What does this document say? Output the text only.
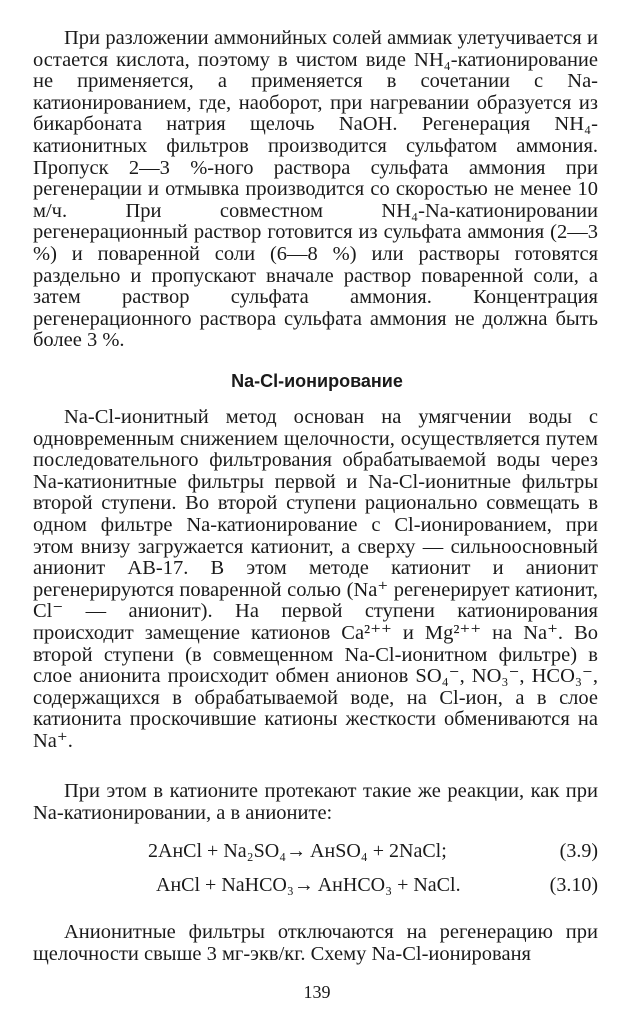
При разложении аммонийных солей аммиак улетучивается и остается кислота, поэтому в чистом виде NH₄-катионирование не применяется, а применяется в сочетании с Na-катионированием, где, наоборот, при нагревании образуется из бикарбоната натрия щелочь NaOH. Регенерация NH₄-катионитных фильтров производится сульфатом аммония. Пропуск 2—3 %-ного раствора сульфата аммония при регенерации и отмывка производится со скоростью не менее 10 м/ч. При совместном NH₄-Na-катионировании регенерационный раствор готовится из сульфата аммония (2—3 %) и поваренной соли (6—8 %) или растворы готовятся раздельно и пропускают вначале раствор поваренной соли, а затем раствор сульфата аммония. Концентрация регенерационного раствора сульфата аммония не должна быть более 3 %.

Na-Cl-ионирование

Na-Cl-ионитный метод основан на умягчении воды с одновременным снижением щелочности, осуществляется путем последовательного фильтрования обрабатываемой воды через Na-катионитные фильтры первой и Na-Cl-ионитные фильтры второй ступени. Во второй ступени рационально совмещать в одном фильтре Na-катионирование с Cl-ионированием, при этом внизу загружается катионит, а сверху — сильноосновный анионит АВ-17. В этом методе катионит и анионит регенерируются поваренной солью (Na⁺ регенерирует катионит, Cl⁻ — анионит). На первой ступени катионирования происходит замещение катионов Ca²⁺⁺ и Mg²⁺⁺ на Na⁺. Во второй ступени (в совмещенном Na-Cl-ионитном фильтре) в слое анионита происходит обмен анионов SO₄⁻, NO₃⁻, HCO₃⁻, содержащихся в обрабатываемой воде, на Cl-ион, а в слое катионита проскочившие катионы жесткости обмениваются на Na⁺.

При этом в катионите протекают такие же реакции, как при Na-катионировании, а в анионите:

2AнCl + Na₂SO₄→ AнSO₄ + 2NaCl;	(3.9)
AнCl + NaHCO₃→ AнHCO₃ + NaCl.	(3.10)

Анионитные фильтры отключаются на регенерацию при щелочности свыше 3 мг-экв/кг. Схему Na-Cl-ионированя

139
